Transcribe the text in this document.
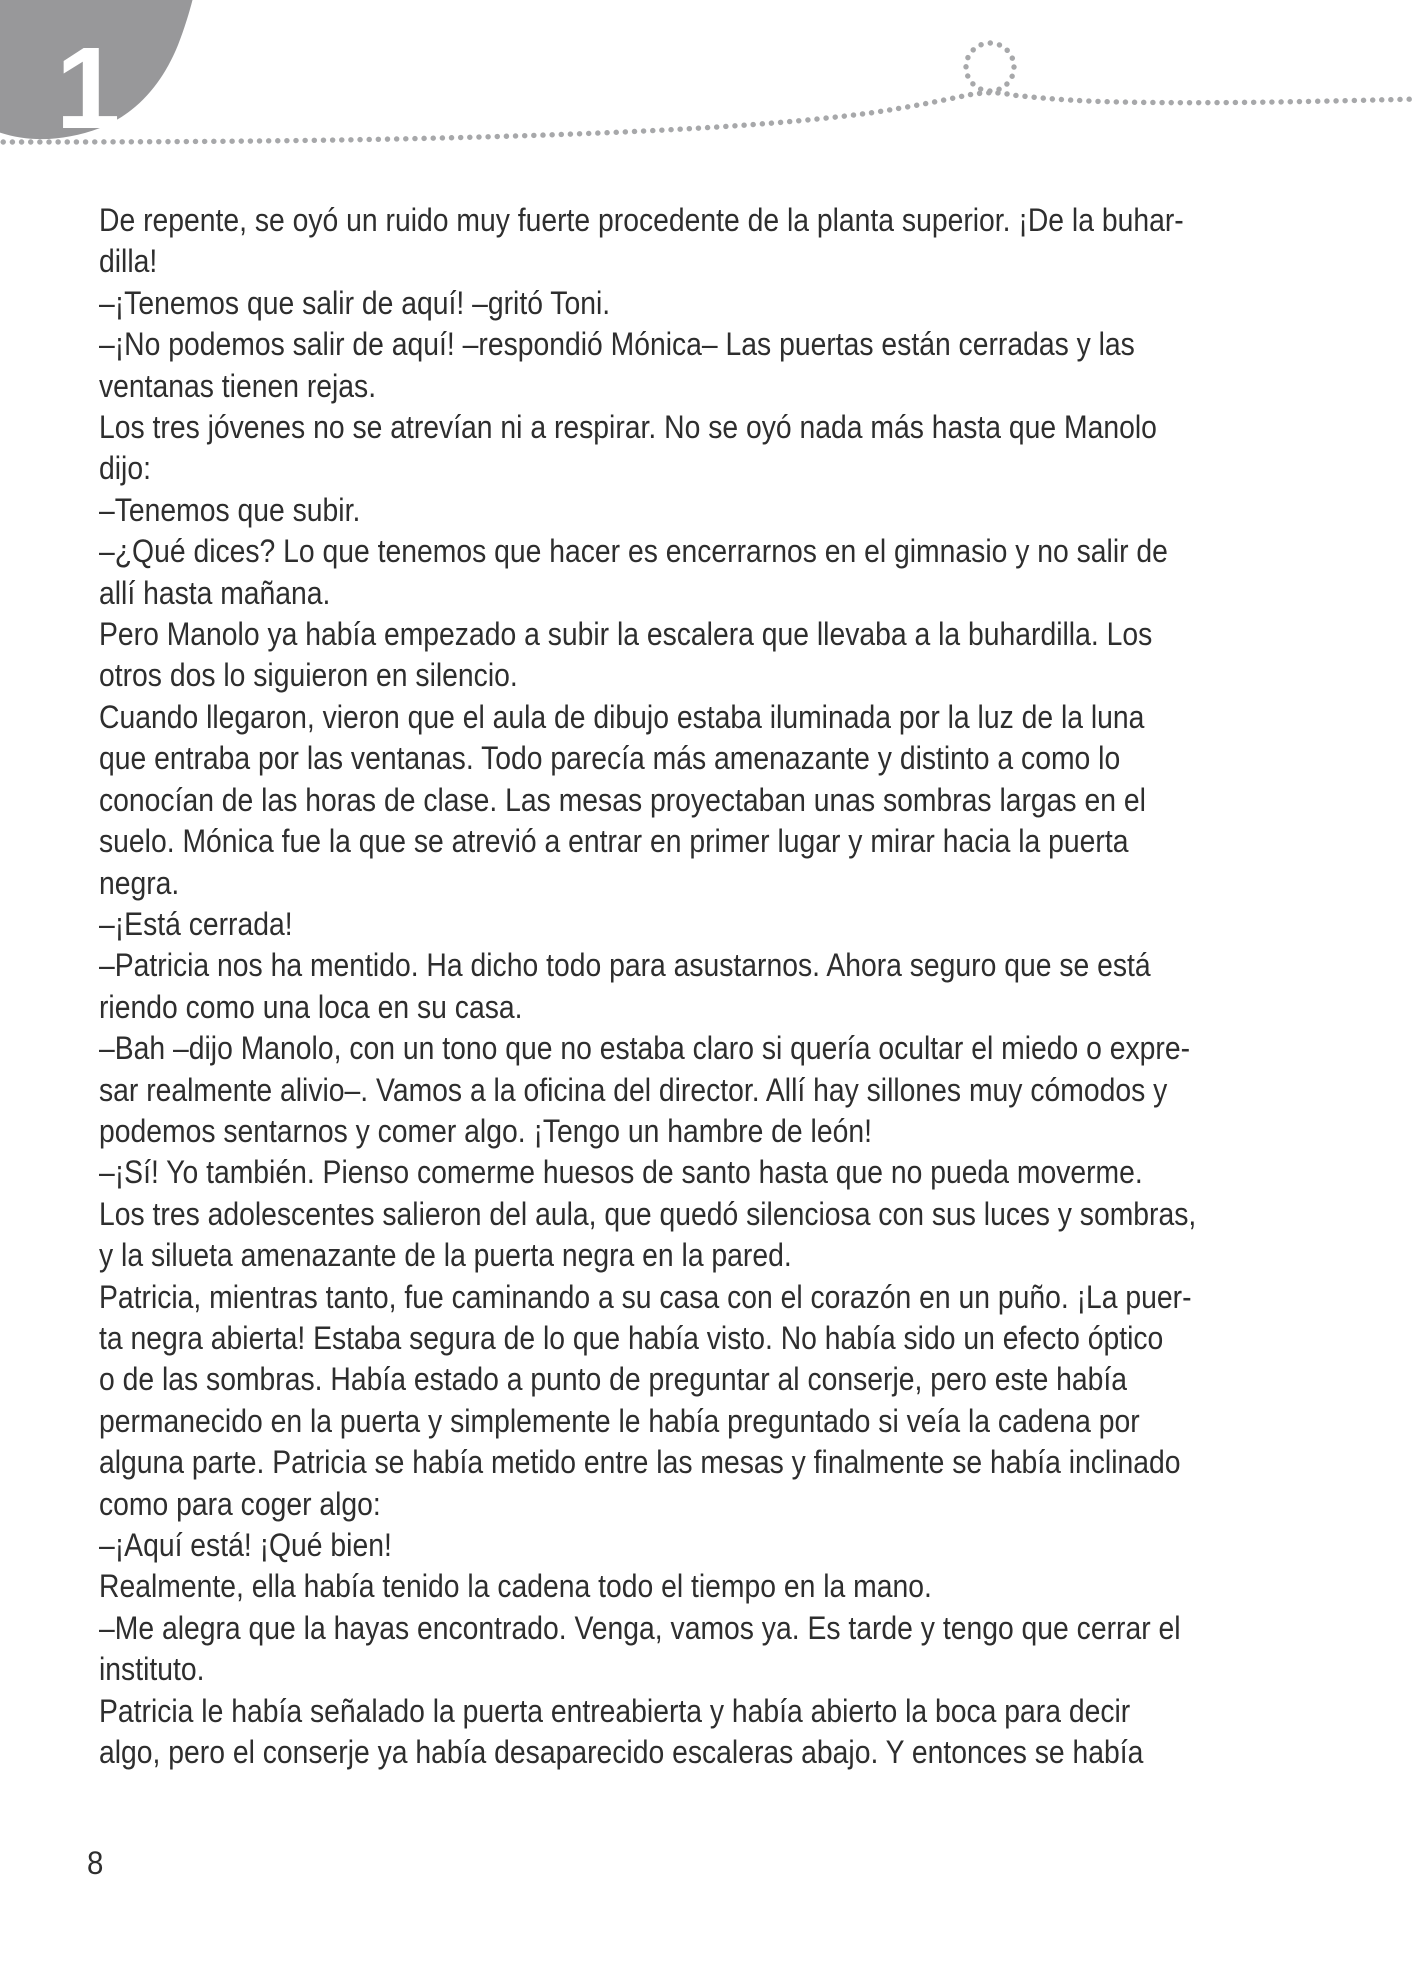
1
De repente, se oyó un ruido muy fuerte procedente de la planta superior. ¡De la buhar-
dilla!
–¡Tenemos que salir de aquí! –gritó Toni.
–¡No podemos salir de aquí! –respondió Mónica– Las puertas están cerradas y las
ventanas tienen rejas.
Los tres jóvenes no se atrevían ni a respirar. No se oyó nada más hasta que Manolo
dijo:
–Tenemos que subir.
–¿Qué dices? Lo que tenemos que hacer es encerrarnos en el gimnasio y no salir de
allí hasta mañana.
Pero Manolo ya había empezado a subir la escalera que llevaba a la buhardilla. Los
otros dos lo siguieron en silencio.
Cuando llegaron, vieron que el aula de dibujo estaba iluminada por la luz de la luna
que entraba por las ventanas. Todo parecía más amenazante y distinto a como lo
conocían de las horas de clase. Las mesas proyectaban unas sombras largas en el
suelo. Mónica fue la que se atrevió a entrar en primer lugar y mirar hacia la puerta
negra.
–¡Está cerrada!
–Patricia nos ha mentido. Ha dicho todo para asustarnos. Ahora seguro que se está
riendo como una loca en su casa.
–Bah –dijo Manolo, con un tono que no estaba claro si quería ocultar el miedo o expre-
sar realmente alivio–. Vamos a la oficina del director. Allí hay sillones muy cómodos y
podemos sentarnos y comer algo. ¡Tengo un hambre de león!
–¡Sí! Yo también. Pienso comerme huesos de santo hasta que no pueda moverme.
Los tres adolescentes salieron del aula, que quedó silenciosa con sus luces y sombras,
y la silueta amenazante de la puerta negra en la pared.
Patricia, mientras tanto, fue caminando a su casa con el corazón en un puño. ¡La puer-
ta negra abierta! Estaba segura de lo que había visto. No había sido un efecto óptico
o de las sombras. Había estado a punto de preguntar al conserje, pero este había
permanecido en la puerta y simplemente le había preguntado si veía la cadena por
alguna parte. Patricia se había metido entre las mesas y finalmente se había inclinado
como para coger algo:
–¡Aquí está! ¡Qué bien!
Realmente, ella había tenido la cadena todo el tiempo en la mano.
–Me alegra que la hayas encontrado. Venga, vamos ya. Es tarde y tengo que cerrar el
instituto.
Patricia le había señalado la puerta entreabierta y había abierto la boca para decir
algo, pero el conserje ya había desaparecido escaleras abajo. Y entonces se había
8
